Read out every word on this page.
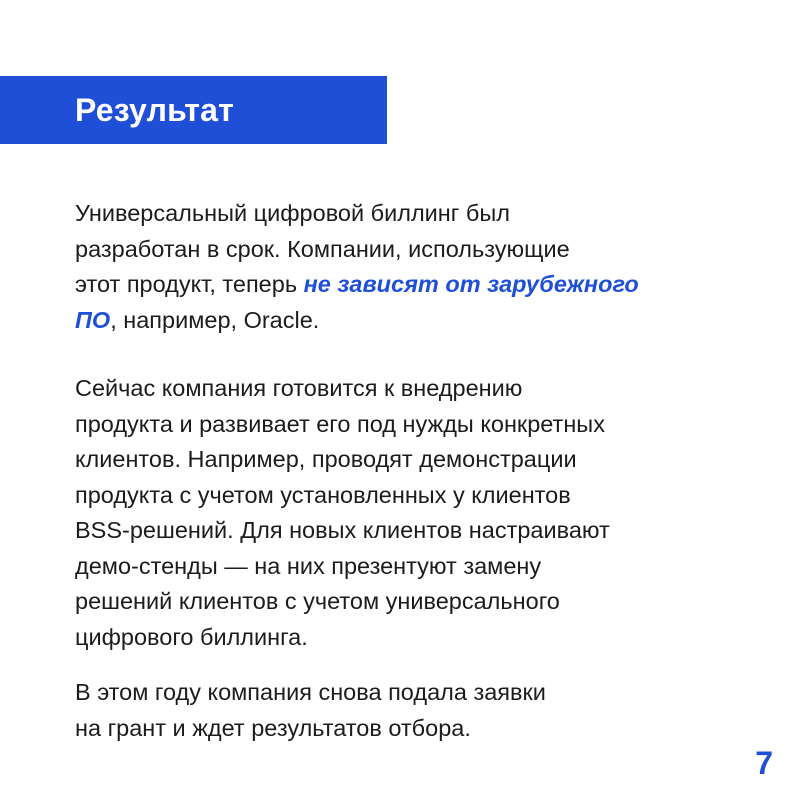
Результат
Универсальный цифровой биллинг был
разработан в срок. Компании, использующие
этот продукт, теперь не зависят от зарубежного
ПО, например, Oracle.
Сейчас компания готовится к внедрению
продукта и развивает его под нужды конкретных
клиентов. Например, проводят демонстрации
продукта с учетом установленных у клиентов
BSS-решений. Для новых клиентов настраивают
демо-стенды — на них презентуют замену
решений клиентов с учетом универсального
цифрового биллинга.
В этом году компания снова подала заявки
на грант и ждет результатов отбора.
7
